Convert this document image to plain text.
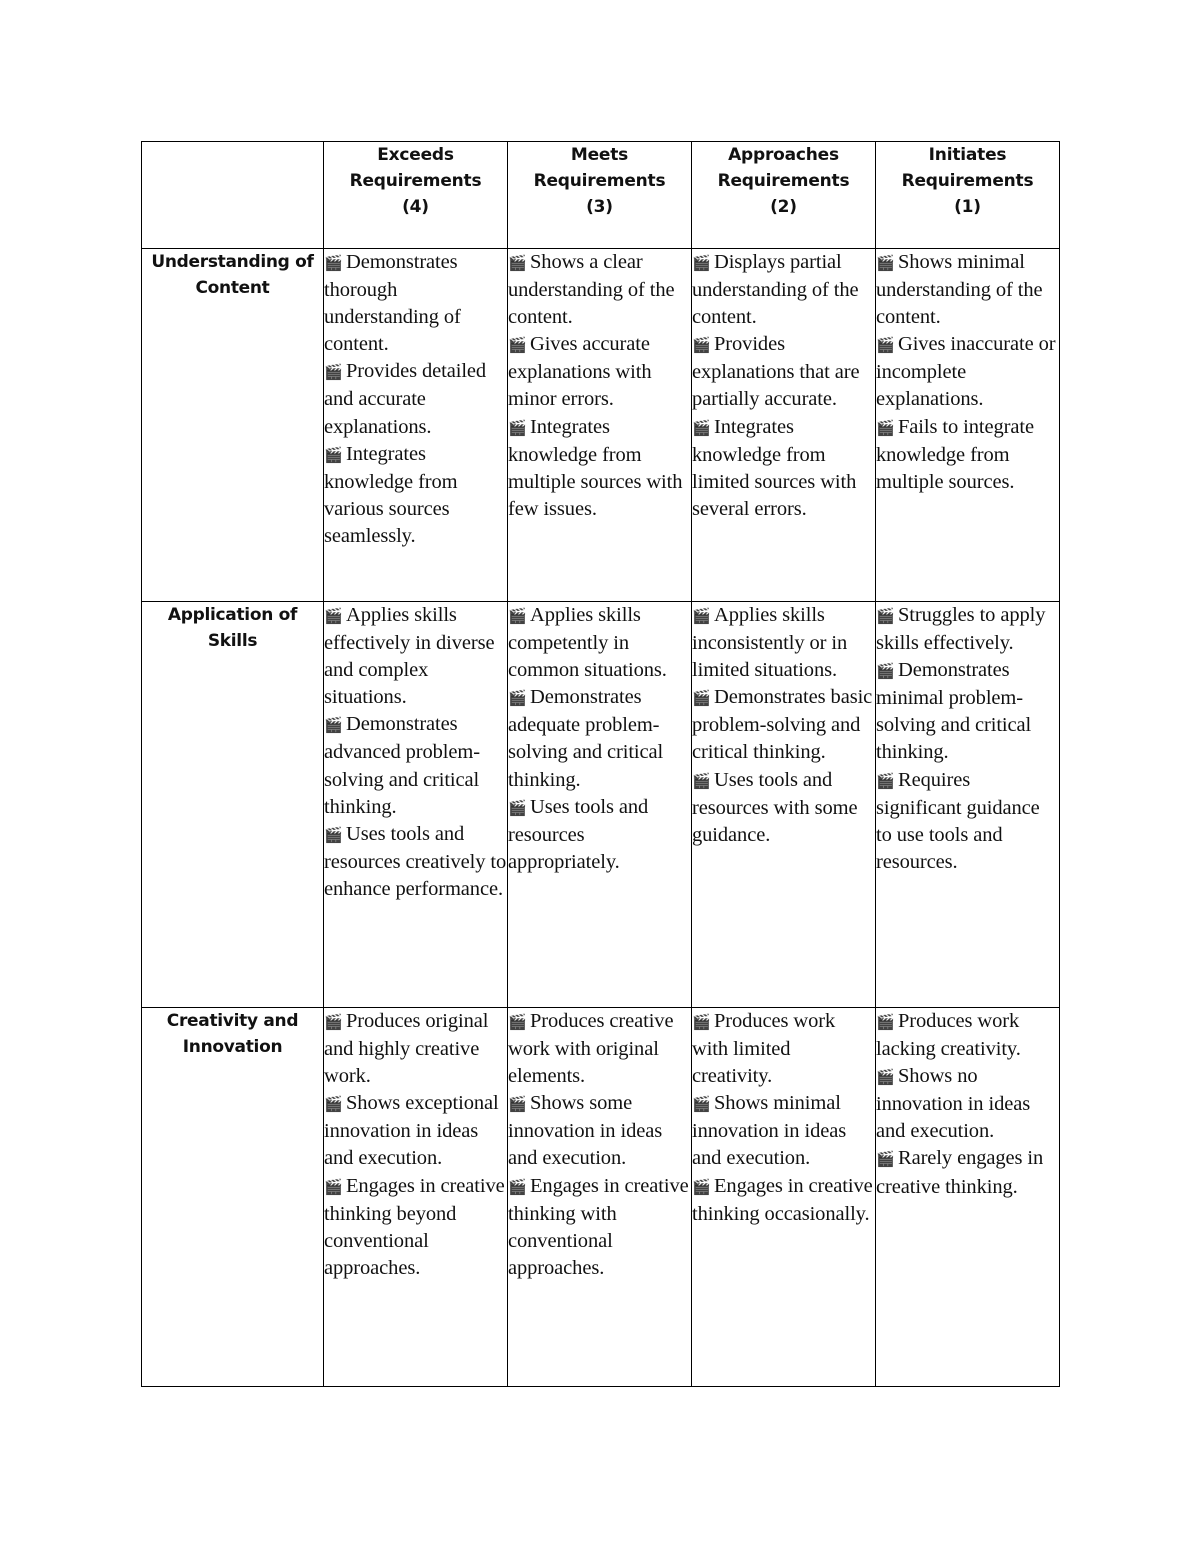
	Exceeds
Requirements
(4)	Meets
Requirements
(3)	Approaches
Requirements
(2)	Initiates
Requirements
(1)

Understanding of Content	🎬 Demonstrates thorough understanding of content.
🎬 Provides detailed and accurate explanations.
🎬 Integrates knowledge from various sources seamlessly.	🎬 Shows a clear understanding of the content.
🎬 Gives accurate explanations with minor errors.
🎬 Integrates knowledge from multiple sources with few issues.	🎬 Displays partial understanding of the content.
🎬 Provides explanations that are partially accurate.
🎬 Integrates knowledge from limited sources with several errors.	🎬 Shows minimal understanding of the content.
🎬 Gives inaccurate or incomplete explanations.
🎬 Fails to integrate knowledge from multiple sources.

Application of Skills	🎬 Applies skills effectively in diverse and complex situations.
🎬 Demonstrates advanced problem-solving and critical thinking.
🎬 Uses tools and resources creatively to enhance performance.	🎬 Applies skills competently in common situations.
🎬 Demonstrates adequate problem-solving and critical thinking.
🎬 Uses tools and resources appropriately.	🎬 Applies skills inconsistently or in limited situations.
🎬 Demonstrates basic problem-solving and critical thinking.
🎬 Uses tools and resources with some guidance.	🎬 Struggles to apply skills effectively.
🎬 Demonstrates minimal problem-solving and critical thinking.
🎬 Requires significant guidance to use tools and resources.

Creativity and Innovation	🎬 Produces original and highly creative work.
🎬 Shows exceptional innovation in ideas and execution.
🎬 Engages in creative thinking beyond conventional approaches.	🎬 Produces creative work with original elements.
🎬 Shows some innovation in ideas and execution.
🎬 Engages in creative thinking with conventional approaches.	🎬 Produces work with limited creativity.
🎬 Shows minimal innovation in ideas and execution.
🎬 Engages in creative thinking occasionally.	🎬 Produces work lacking creativity.
🎬 Shows no innovation in ideas and execution.
🎬 Rarely engages in creative thinking.
